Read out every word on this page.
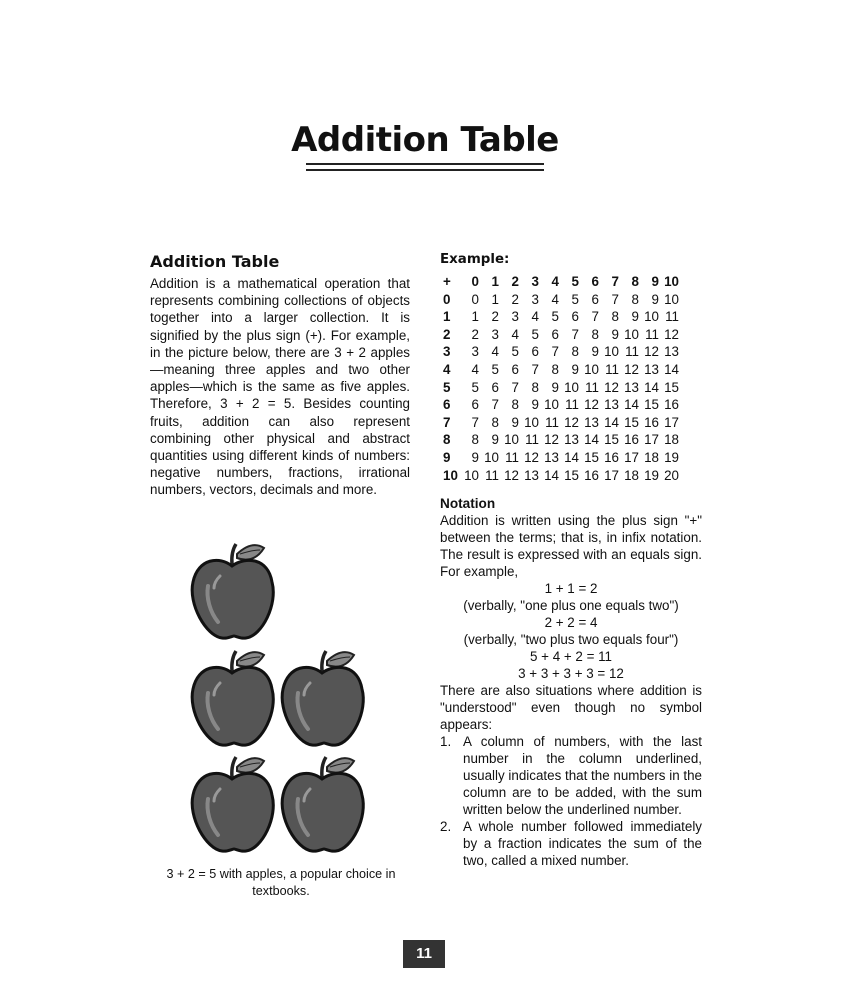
Addition Table
Addition Table

Addition is a mathematical operation that represents combining collections of objects together into a larger collection. It is signified by the plus sign (+). For example, in the picture below, there are 3 + 2 apples—meaning three apples and two other apples—which is the same as five apples. Therefore, 3 + 2 = 5. Besides counting fruits, addition can also represent combining other physical and abstract quantities using different kinds of numbers: negative numbers, fractions, irrational numbers, vectors, decimals and more.

3 + 2 = 5 with apples, a popular choice in textbooks.
Example:
+	0	1	2	3	4	5	6	7	8	9	10
0	0	1	2	3	4	5	6	7	8	9	10
1	1	2	3	4	5	6	7	8	9	10	11
2	2	3	4	5	6	7	8	9	10	11	12
3	3	4	5	6	7	8	9	10	11	12	13
4	4	5	6	7	8	9	10	11	12	13	14
5	5	6	7	8	9	10	11	12	13	14	15
6	6	7	8	9	10	11	12	13	14	15	16
7	7	8	9	10	11	12	13	14	15	16	17
8	8	9	10	11	12	13	14	15	16	17	18
9	9	10	11	12	13	14	15	16	17	18	19
10	10	11	12	13	14	15	16	17	18	19	20
Notation

Addition is written using the plus sign "+" between the terms; that is, in infix notation. The result is expressed with an equals sign. For example,

1 + 1 = 2

(verbally, "one plus one equals two")

2 + 2 = 4

(verbally, "two plus two equals four")

5 + 4 + 2 = 11

3 + 3 + 3 + 3 = 12

There are also situations where addition is "understood" even though no symbol appears:

1. A column of numbers, with the last number in the column underlined, usually indicates that the numbers in the column are to be added, with the sum written below the underlined number.
2. A whole number followed immediately by a fraction indicates the sum of the two, called a mixed number.
11
